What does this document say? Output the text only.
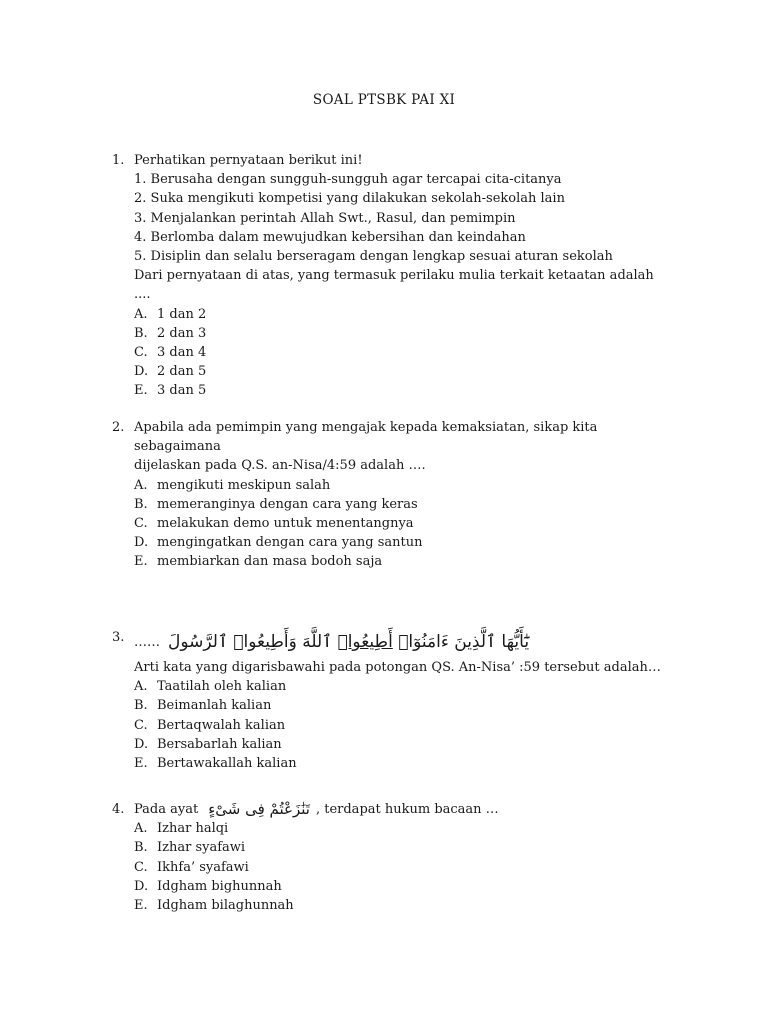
SOAL PTSBK PAI XI
1. Perhatikan pernyataan berikut ini!
1. Berusaha dengan sungguh-sungguh agar tercapai cita-citanya
2. Suka mengikuti kompetisi yang dilakukan sekolah-sekolah lain
3. Menjalankan perintah Allah Swt., Rasul, dan pemimpin
4. Berlomba dalam mewujudkan kebersihan dan keindahan
5. Disiplin dan selalu berseragam dengan lengkap sesuai aturan sekolah
Dari pernyataan di atas, yang termasuk perilaku mulia terkait ketaatan adalah ....
A. 1 dan 2
B. 2 dan 3
C. 3 dan 4
D. 2 dan 5
E. 3 dan 5
2. Apabila ada pemimpin yang mengajak kepada kemaksiatan, sikap kita sebagaimana
dijelaskan pada Q.S. an-Nisa/4:59 adalah ….
A. mengikuti meskipun salah
B. memeranginya dengan cara yang keras
C. melakukan demo untuk menentangnya
D. mengingatkan dengan cara yang santun
E. membiarkan dan masa bodoh saja
3. ……	يَٰٓأَيُّهَا ٱلَّذِينَ ءَامَنُوٓا۟ أَطِيعُوا۟ ٱللَّهَ وَأَطِيعُوا۟ ٱلرَّسُولَ
Arti kata yang digarisbawahi pada potongan QS. An-Nisa’ :59 tersebut adalah…
A. Taatilah oleh kalian
B. Beimanlah kalian
C. Bertaqwalah kalian
D. Bersabarlah kalian
E. Bertawakallah kalian
4. Pada ayat تَنَٰزَعْتُمْ فِى شَىْءٍ , terdapat hukum bacaan …
A. Izhar halqi
B. Izhar syafawi
C. Ikhfa’ syafawi
D. Idgham bighunnah
E. Idgham bilaghunnah
